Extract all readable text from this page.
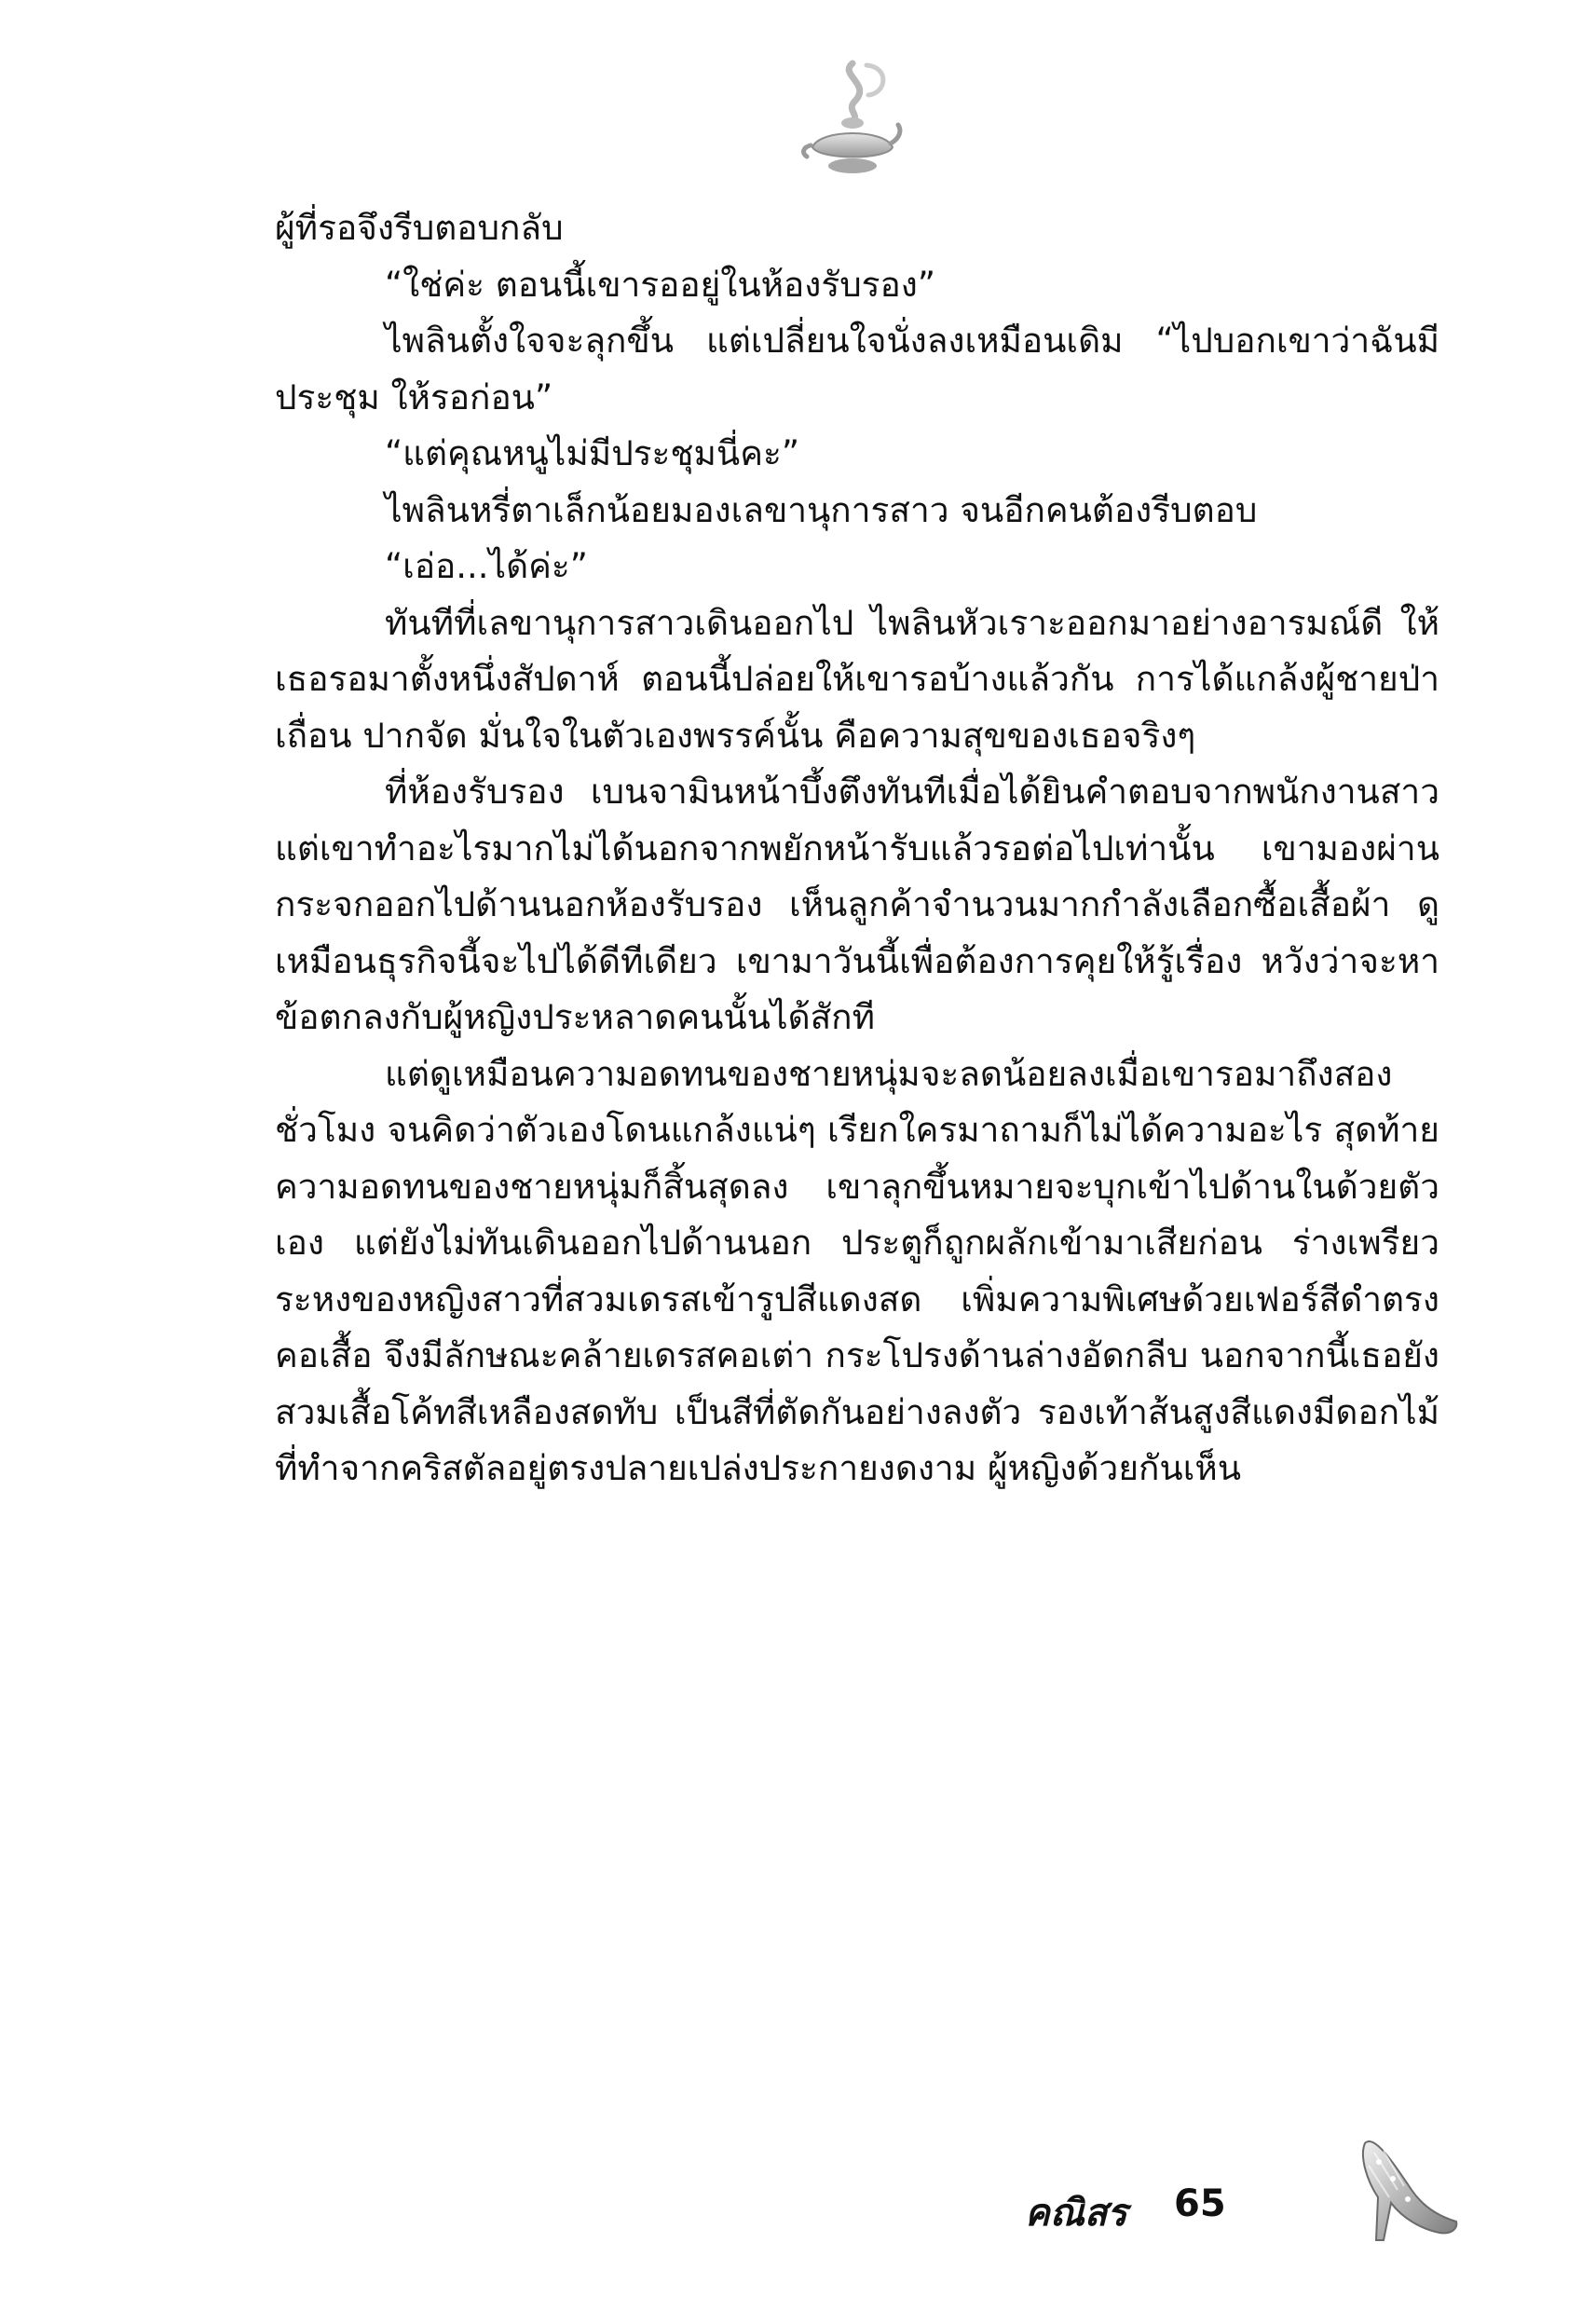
ผู้ที่รอจึงรีบตอบกลับ

“ใช่ค่ะ ตอนนี้เขารออยู่ในห้องรับรอง”

ไพลินตั้งใจจะลุกขึ้น แต่เปลี่ยนใจนั่งลงเหมือนเดิม “ไปบอกเขาว่าฉันมีประชุม ให้รอก่อน”

“แต่คุณหนูไม่มีประชุมนี่คะ”

ไพลินหรี่ตาเล็กน้อยมองเลขานุการสาว จนอีกคนต้องรีบตอบ

“เอ่อ...ได้ค่ะ”

ทันทีที่เลขานุการสาวเดินออกไป ไพลินหัวเราะออกมาอย่างอารมณ์ดี ให้เธอรอมาตั้งหนึ่งสัปดาห์ ตอนนี้ปล่อยให้เขารอบ้างแล้วกัน การได้แกล้งผู้ชายป่าเถื่อน ปากจัด มั่นใจในตัวเองพรรค์นั้น คือความสุขของเธอจริงๆ

ที่ห้องรับรอง เบนจามินหน้าบึ้งตึงทันทีเมื่อได้ยินคำตอบจากพนักงานสาว แต่เขาทำอะไรมากไม่ได้นอกจากพยักหน้ารับแล้วรอต่อไปเท่านั้น เขามองผ่านกระจกออกไปด้านนอกห้องรับรอง เห็นลูกค้าจำนวนมากกำลังเลือกซื้อเสื้อผ้า ดูเหมือนธุรกิจนี้จะไปได้ดีทีเดียว เขามาวันนี้เพื่อต้องการคุยให้รู้เรื่อง หวังว่าจะหาข้อตกลงกับผู้หญิงประหลาดคนนั้นได้สักที

แต่ดูเหมือนความอดทนของชายหนุ่มจะลดน้อยลงเมื่อเขารอมาถึงสองชั่วโมง จนคิดว่าตัวเองโดนแกล้งแน่ๆ เรียกใครมาถามก็ไม่ได้ความอะไร สุดท้ายความอดทนของชายหนุ่มก็สิ้นสุดลง เขาลุกขึ้นหมายจะบุกเข้าไปด้านในด้วยตัวเอง แต่ยังไม่ทันเดินออกไปด้านนอก ประตูก็ถูกผลักเข้ามาเสียก่อน ร่างเพรียวระหงของหญิงสาวที่สวมเดรสเข้ารูปสีแดงสด เพิ่มความพิเศษด้วยเฟอร์สีดำตรงคอเสื้อ จึงมีลักษณะคล้ายเดรสคอเต่า กระโปรงด้านล่างอัดกลีบ นอกจากนี้เธอยังสวมเสื้อโค้ทสีเหลืองสดทับ เป็นสีที่ตัดกันอย่างลงตัว รองเท้าส้นสูงสีแดงมีดอกไม้ที่ทำจากคริสตัลอยู่ตรงปลายเปล่งประกายงดงาม ผู้หญิงด้วยกันเห็น

คณิสร 65
